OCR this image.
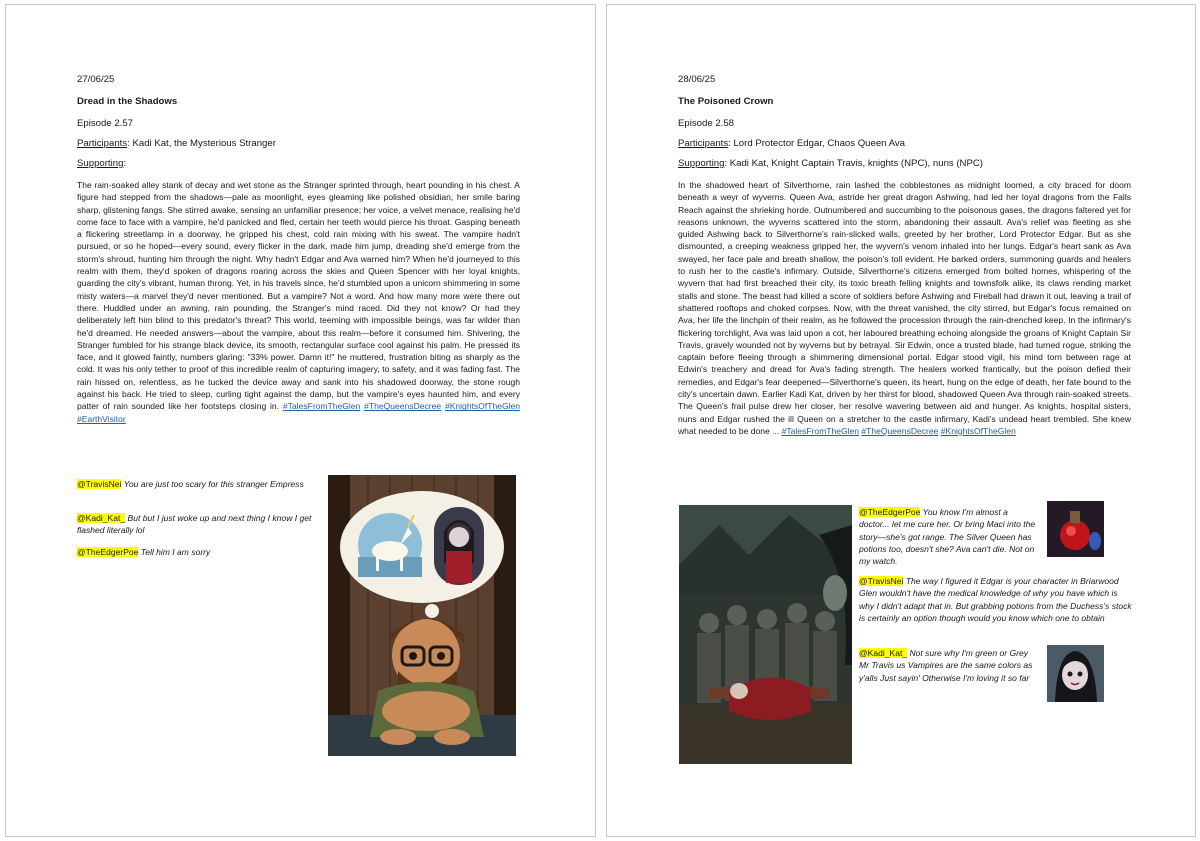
27/06/25
Dread in the Shadows
Episode 2.57
Participants: Kadi Kat, the Mysterious Stranger
Supporting:
The rain-soaked alley stank of decay and wet stone as the Stranger sprinted through, heart pounding in his chest. A figure had stepped from the shadows—pale as moonlight, eyes gleaming like polished obsidian, her smile baring sharp, glistening fangs. She stirred awake, sensing an unfamiliar presence; her voice, a velvet menace, realising he'd come face to face with a vampire, he'd panicked and fled, certain her teeth would pierce his throat. Gasping beneath a flickering streetlamp in a doorway, he gripped his chest, cold rain mixing with his sweat. The vampire hadn't pursued, or so he hoped—every sound, every flicker in the dark, made him jump, dreading she'd emerge from the storm's shroud, hunting him through the night. Why hadn't Edgar and Ava warned him? When he'd journeyed to this realm with them, they'd spoken of dragons roaring across the skies and Queen Spencer with her loyal knights, guarding the city's vibrant, human throng. Yet, in his travels since, he'd stumbled upon a unicorn shimmering in some misty waters—a marvel they'd never mentioned. But a vampire? Not a word. And how many more were there out there. Huddled under an awning, rain pounding, the Stranger's mind raced. Did they not know? Or had they deliberately left him blind to this predator's threat? This world, teeming with impossible beings, was far wilder than he'd dreamed. He needed answers—about the vampire, about this realm—before it consumed him. Shivering, the Stranger fumbled for his strange black device, its smooth, rectangular surface cool against his palm. He pressed its face, and it glowed faintly, numbers glaring: "33% power. Damn it!" he muttered, frustration biting as sharply as the cold. It was his only tether to proof of this incredible realm of capturing imagery, to safety, and it was fading fast. The rain hissed on, relentless, as he tucked the device away and sank into his shadowed doorway, the stone rough against his back. He tried to sleep, curling tight against the damp, but the vampire's eyes haunted him, and every patter of rain sounded like her footsteps closing in. #TalesFromTheGlen #TheQueensDecree #KnightsOfTheGlen #EarthVisitor
@TravisNei You are just too scary for this stranger Empress
@Kadi_Kat_ But but I just woke up and next thing I know I get flashed literally lol
@TheEdgerPoe Tell him I am sorry
28/06/25
The Poisoned Crown
Episode 2.58
Participants: Lord Protector Edgar, Chaos Queen Ava
Supporting: Kadi Kat, Knight Captain Travis, knights (NPC), nuns (NPC)
In the shadowed heart of Silverthorne, rain lashed the cobblestones as midnight loomed, a city braced for doom beneath a weyr of wyverns. Queen Ava, astride her great dragon Ashwing, had led her loyal dragons from the Falls Reach against the shrieking horde. Outnumbered and succumbing to the poisonous gases, the dragons faltered yet for reasons unknown, the wyverns scattered into the storm, abandoning their assault. Ava's relief was fleeting as she guided Ashwing back to Silverthorne's rain-slicked walls, greeted by her brother, Lord Protector Edgar. But as she dismounted, a creeping weakness gripped her, the wyvern's venom inhaled into her lungs. Edgar's heart sank as Ava swayed, her face pale and breath shallow, the poison's toll evident. He barked orders, summoning guards and healers to rush her to the castle's infirmary. Outside, Silverthorne's citizens emerged from bolted homes, whispering of the wyvern that had first breached their city, its toxic breath felling knights and townsfolk alike, its claws rending market stalls and stone. The beast had killed a score of soldiers before Ashwing and Fireball had drawn it out, leaving a trail of shattered rooftops and choked corpses. Now, with the threat vanished, the city stirred, but Edgar's focus remained on Ava, her life the linchpin of their realm, as he followed the procession through the rain-drenched keep. In the infirmary's flickering torchlight, Ava was laid upon a cot, her laboured breathing echoing alongside the groans of Knight Captain Sir Travis, gravely wounded not by wyverns but by betrayal. Sir Edwin, once a trusted blade, had turned rogue, striking the captain before fleeing through a shimmering dimensional portal. Edgar stood vigil, his mind torn between rage at Edwin's treachery and dread for Ava's fading strength. The healers worked frantically, but the poison defied their remedies, and Edgar's fear deepened—Silverthorne's queen, its heart, hung on the edge of death, her fate bound to the city's uncertain dawn. Earlier Kadi Kat, driven by her thirst for blood, shadowed Queen Ava through rain-soaked streets. The Queen's frail pulse drew her closer, her resolve wavering between aid and hunger. As knights, hospital sisters, nuns and Edgar rushed the ill Queen on a stretcher to the castle infirmary, Kadi's undead heart trembled. She knew what needed to be done ... #TalesFromTheGlen #TheQueensDecree #KnightsOfTheGlen
@TheEdgerPoe You know I'm almost a doctor... let me cure her. Or bring Maci into the story—she's got range. The Silver Queen has potions too, doesn't she? Ava can't die. Not on my watch.
@TravisNei The way I figured it Edgar is your character in Briarwood Glen wouldn't have the medical knowledge of why you have which is why I didn't adapt that in. But grabbing potions from the Duchess's stock is certainly an option though would you know which one to obtain
@Kadi_Kat_ Not sure why I'm green or Grey Mr Travis us Vampires are the same colors as y'alls Just sayin' Otherwise I'm loving it so far
